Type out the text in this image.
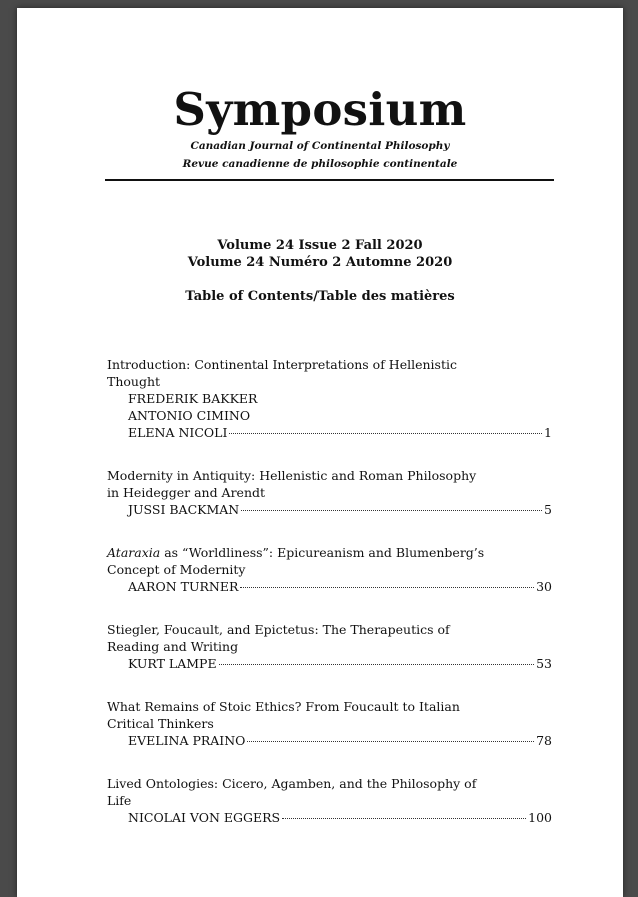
Symposium
Canadian Journal of Continental Philosophy
Revue canadienne de philosophie continentale
Volume 24 Issue 2 Fall 2020
Volume 24 Numéro 2 Automne 2020
Table of Contents/Table des matières
Introduction: Continental Interpretations of Hellenistic Thought
FREDERIK BAKKER
ANTONIO CIMINO
ELENA NICOLI	1
Modernity in Antiquity: Hellenistic and Roman Philosophy in Heidegger and Arendt
JUSSI BACKMAN	5
Ataraxia as “Worldliness”: Epicureanism and Blumenberg’s Concept of Modernity
AARON TURNER	30
Stiegler, Foucault, and Epictetus: The Therapeutics of Reading and Writing
KURT LAMPE	53
What Remains of Stoic Ethics? From Foucault to Italian Critical Thinkers
EVELINA PRAINO	78
Lived Ontologies: Cicero, Agamben, and the Philosophy of Life
NICOLAI VON EGGERS	100
